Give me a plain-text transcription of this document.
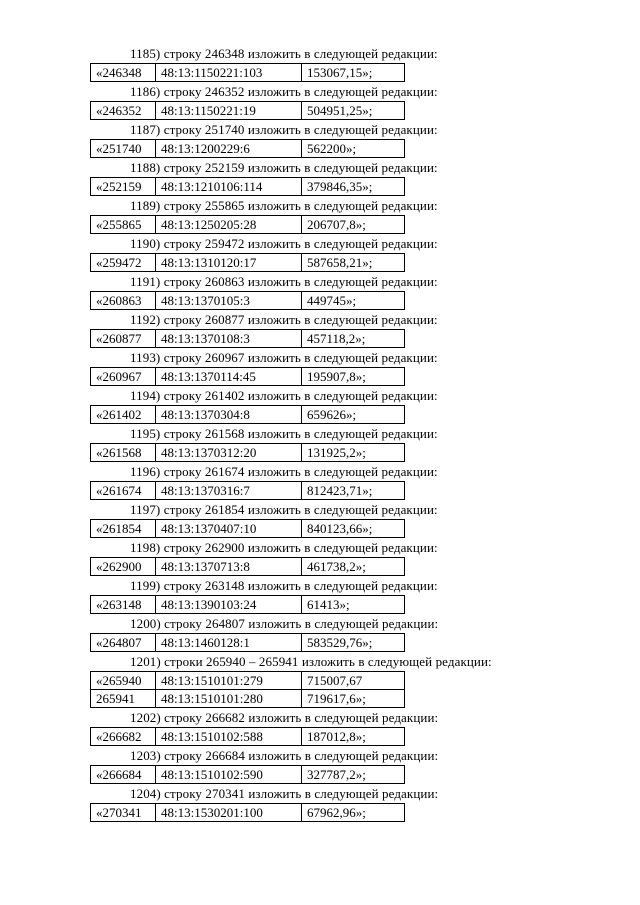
1185) строку 246348 изложить в следующей редакции:
«246348	48:13:1150221:103	153067,15»;
1186) строку 246352 изложить в следующей редакции:
«246352	48:13:1150221:19	504951,25»;
1187) строку 251740 изложить в следующей редакции:
«251740	48:13:1200229:6	562200»;
1188) строку 252159 изложить в следующей редакции:
«252159	48:13:1210106:114	379846,35»;
1189) строку 255865 изложить в следующей редакции:
«255865	48:13:1250205:28	206707,8»;
1190) строку 259472 изложить в следующей редакции:
«259472	48:13:1310120:17	587658,21»;
1191) строку 260863 изложить в следующей редакции:
«260863	48:13:1370105:3	449745»;
1192) строку 260877 изложить в следующей редакции:
«260877	48:13:1370108:3	457118,2»;
1193) строку 260967 изложить в следующей редакции:
«260967	48:13:1370114:45	195907,8»;
1194) строку 261402 изложить в следующей редакции:
«261402	48:13:1370304:8	659626»;
1195) строку 261568 изложить в следующей редакции:
«261568	48:13:1370312:20	131925,2»;
1196) строку 261674 изложить в следующей редакции:
«261674	48:13:1370316:7	812423,71»;
1197) строку 261854 изложить в следующей редакции:
«261854	48:13:1370407:10	840123,66»;
1198) строку 262900 изложить в следующей редакции:
«262900	48:13:1370713:8	461738,2»;
1199) строку 263148 изложить в следующей редакции:
«263148	48:13:1390103:24	61413»;
1200) строку 264807 изложить в следующей редакции:
«264807	48:13:1460128:1	583529,76»;
1201) строки 265940 – 265941 изложить в следующей редакции:
«265940	48:13:1510101:279	715007,67
265941	48:13:1510101:280	719617,6»;
1202) строку 266682 изложить в следующей редакции:
«266682	48:13:1510102:588	187012,8»;
1203) строку 266684 изложить в следующей редакции:
«266684	48:13:1510102:590	327787,2»;
1204) строку 270341 изложить в следующей редакции:
«270341	48:13:1530201:100	67962,96»;
